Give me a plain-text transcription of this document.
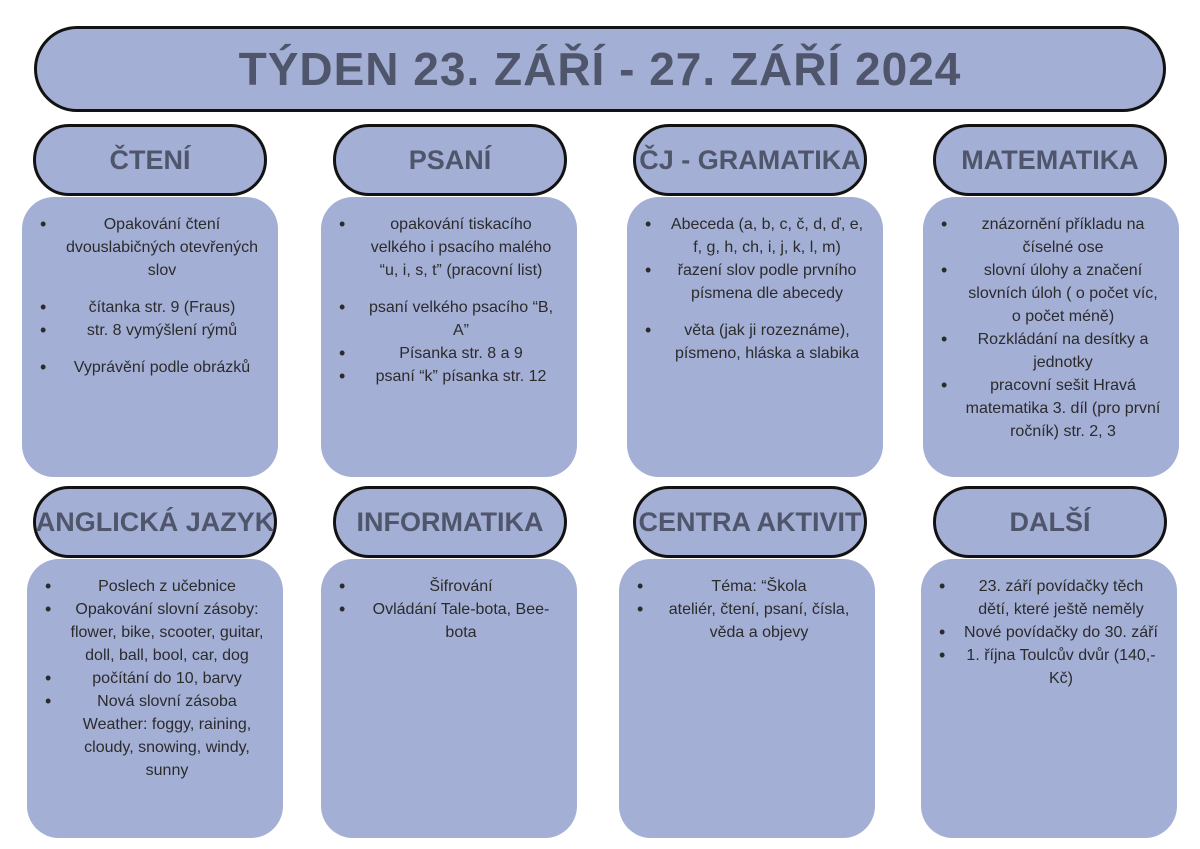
TÝDEN 23. ZÁŘÍ - 27. ZÁŘÍ 2024
ČTENÍ	PSANÍ	ČJ - GRAMATIKA	MATEMATIKA
• Opakování čtení dvouslabičných otevřených slov
• čítanka str. 9 (Fraus)
• str. 8 vymýšlení rýmů
• Vyprávění podle obrázků
• opakování tiskacího velkého i psacího malého “u, i, s, t” (pracovní list)
• psaní velkého psacího “B, A”
• Písanka str. 8 a 9
• psaní “k” písanka str. 12
• Abeceda (a, b, c, č, d, ď, e, f, g, h, ch, i, j, k, l, m)
• řazení slov podle prvního písmena dle abecedy
• věta (jak ji rozeznáme), písmeno, hláska a slabika
• znázornění příkladu na číselné ose
• slovní úlohy a značení slovních úloh ( o počet víc, o počet méně)
• Rozkládání na desítky a jednotky
• pracovní sešit Hravá matematika 3. díl (pro první ročník) str. 2, 3
ANGLICKÁ JAZYK	INFORMATIKA	CENTRA AKTIVIT	DALŠÍ
• Poslech z učebnice
• Opakování slovní zásoby: flower, bike, scooter, guitar, doll, ball, bool, car, dog
• počítání do 10, barvy
• Nová slovní zásoba Weather: foggy, raining, cloudy, snowing, windy, sunny
• Šifrování
• Ovládání Tale-bota, Bee-bota
• Téma: “Škola
• ateliér, čtení, psaní, čísla, věda a objevy
• 23. září povídačky těch dětí, které ještě neměly
• Nové povídačky do 30. září
• 1. října Toulcův dvůr (140,- Kč)
